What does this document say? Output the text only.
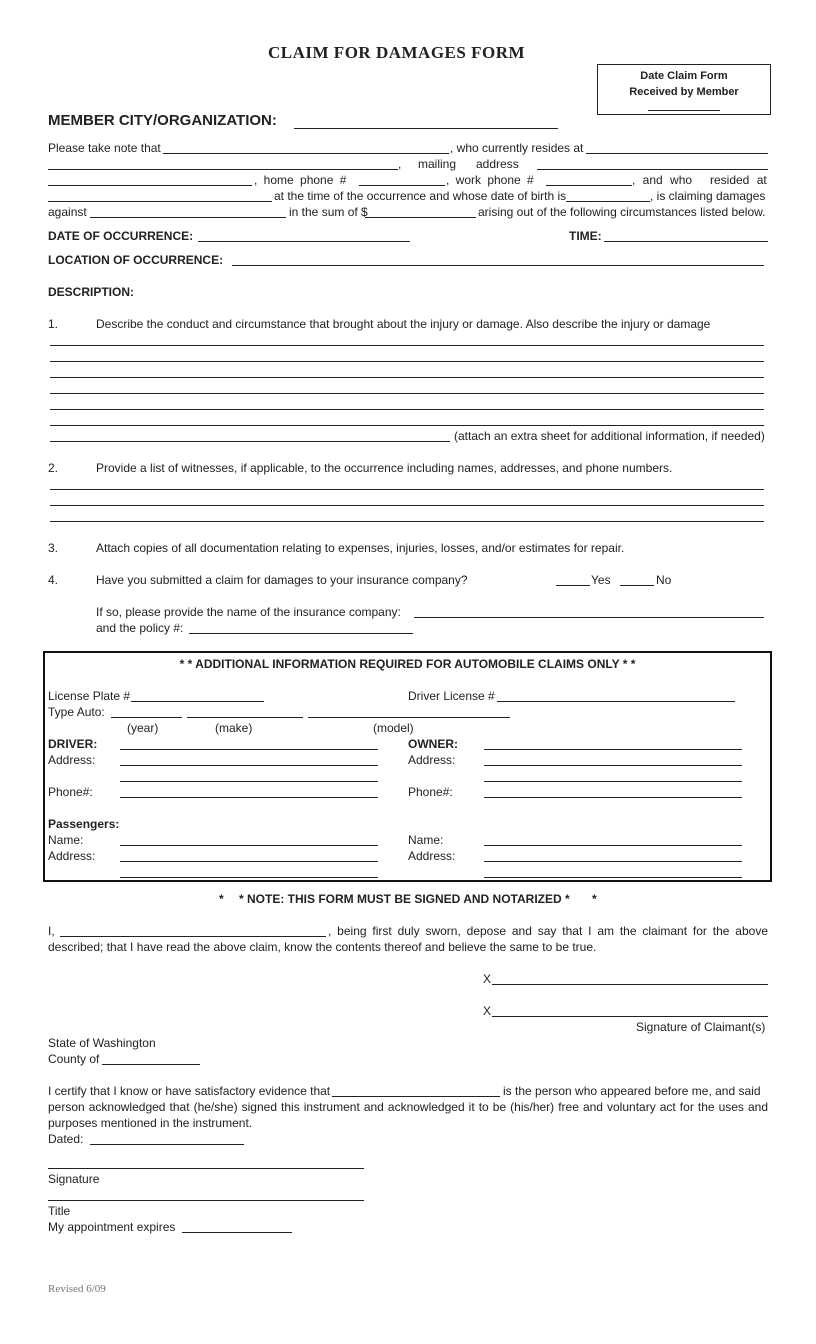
CLAIM FOR DAMAGES FORM
Date Claim Form
Received by Member
MEMBER CITY/ORGANIZATION:
Please take note that	, who currently resides at
, mailing address
, home phone #	, work phone #	, and who resided at
at the time of the occurrence and whose date of birth is	, is claiming damages
against	in the sum of $	arising out of the following circumstances listed below.
DATE OF OCCURRENCE:	TIME:
LOCATION OF OCCURRENCE:
DESCRIPTION:
1.	Describe the conduct and circumstance that brought about the injury or damage. Also describe the injury or damage
(attach an extra sheet for additional information, if needed)
2.	Provide a list of witnesses, if applicable, to the occurrence including names, addresses, and phone numbers.
3.	Attach copies of all documentation relating to expenses, injuries, losses, and/or estimates for repair.
4.	Have you submitted a claim for damages to your insurance company?	Yes	No
If so, please provide the name of the insurance company:
and the policy #:
* * ADDITIONAL INFORMATION REQUIRED FOR AUTOMOBILE CLAIMS ONLY * *
License Plate #	Driver License #
Type Auto:
(year)	(make)	(model)
DRIVER:	OWNER:
Address:	Address:
Phone#:	Phone#:
Passengers:
Name:	Name:
Address:	Address:
* * NOTE: THIS FORM MUST BE SIGNED AND NOTARIZED * *
I,	, being first duly sworn, depose and say that I am the claimant for the above
described; that I have read the above claim, know the contents thereof and believe the same to be true.
X
X
Signature of Claimant(s)
State of Washington
County of
I certify that I know or have satisfactory evidence that	is the person who appeared before me, and said
person acknowledged that (he/she) signed this instrument and acknowledged it to be (his/her) free and voluntary act for the uses and
purposes mentioned in the instrument.
Dated:
Signature
Title
My appointment expires
Revised 6/09
